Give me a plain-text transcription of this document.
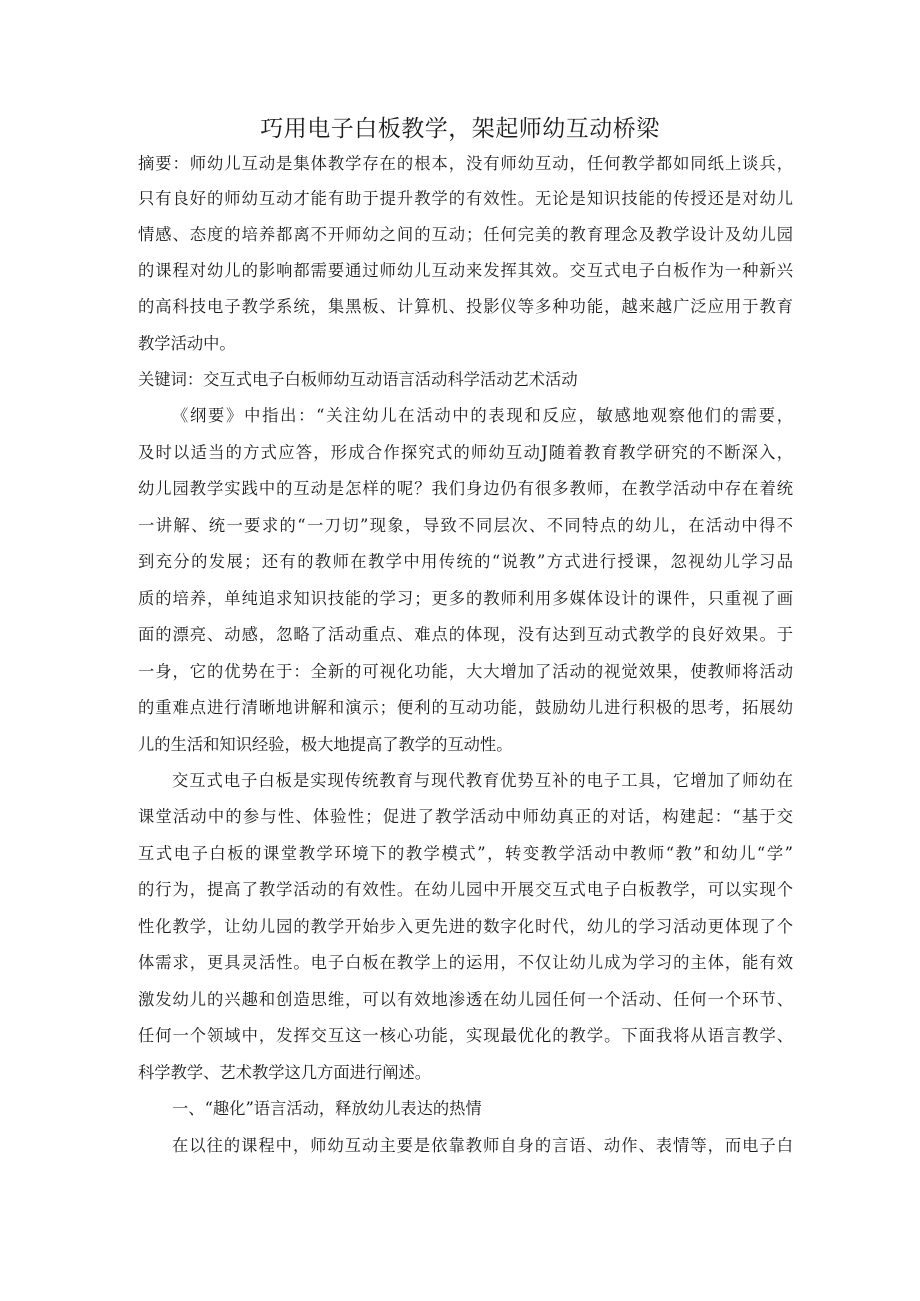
巧用电子白板教学，架起师幼互动桥梁
摘要：师幼儿互动是集体教学存在的根本，没有师幼互动，任何教学都如同纸上谈兵，
只有良好的师幼互动才能有助于提升教学的有效性。无论是知识技能的传授还是对幼儿
情感、态度的培养都离不开师幼之间的互动；任何完美的教育理念及教学设计及幼儿园
的课程对幼儿的影响都需要通过师幼儿互动来发挥其效。交互式电子白板作为一种新兴
的高科技电子教学系统，集黑板、计算机、投影仪等多种功能，越来越广泛应用于教育
教学活动中。
关键词：交互式电子白板师幼互动语言活动科学活动艺术活动
《纲要》中指出：“关注幼儿在活动中的表现和反应，敏感地观察他们的需要，
及时以适当的方式应答，形成合作探究式的师幼互动J随着教育教学研究的不断深入，
幼儿园教学实践中的互动是怎样的呢？我们身边仍有很多教师，在教学活动中存在着统
一讲解、统一要求的“一刀切”现象，导致不同层次、不同特点的幼儿，在活动中得不
到充分的发展；还有的教师在教学中用传统的“说教”方式进行授课，忽视幼儿学习品
质的培养，单纯追求知识技能的学习；更多的教师利用多媒体设计的课件，只重视了画
面的漂亮、动感，忽略了活动重点、难点的体现，没有达到互动式教学的良好效果。于
一身，它的优势在于：全新的可视化功能，大大增加了活动的视觉效果，使教师将活动
的重难点进行清晰地讲解和演示；便利的互动功能，鼓励幼儿进行积极的思考，拓展幼
儿的生活和知识经验，极大地提高了教学的互动性。
交互式电子白板是实现传统教育与现代教育优势互补的电子工具，它增加了师幼在
课堂活动中的参与性、体验性；促进了教学活动中师幼真正的对话，构建起：“基于交
互式电子白板的课堂教学环境下的教学模式”，转变教学活动中教师“教”和幼儿“学”
的行为，提高了教学活动的有效性。在幼儿园中开展交互式电子白板教学，可以实现个
性化教学，让幼儿园的教学开始步入更先进的数字化时代，幼儿的学习活动更体现了个
体需求，更具灵活性。电子白板在教学上的运用，不仅让幼儿成为学习的主体，能有效
激发幼儿的兴趣和创造思维，可以有效地渗透在幼儿园任何一个活动、任何一个环节、
任何一个领域中，发挥交互这一核心功能，实现最优化的教学。下面我将从语言教学、
科学教学、艺术教学这几方面进行阐述。
一、“趣化”语言活动，释放幼儿表达的热情
在以往的课程中，师幼互动主要是依靠教师自身的言语、动作、表情等，而电子白
